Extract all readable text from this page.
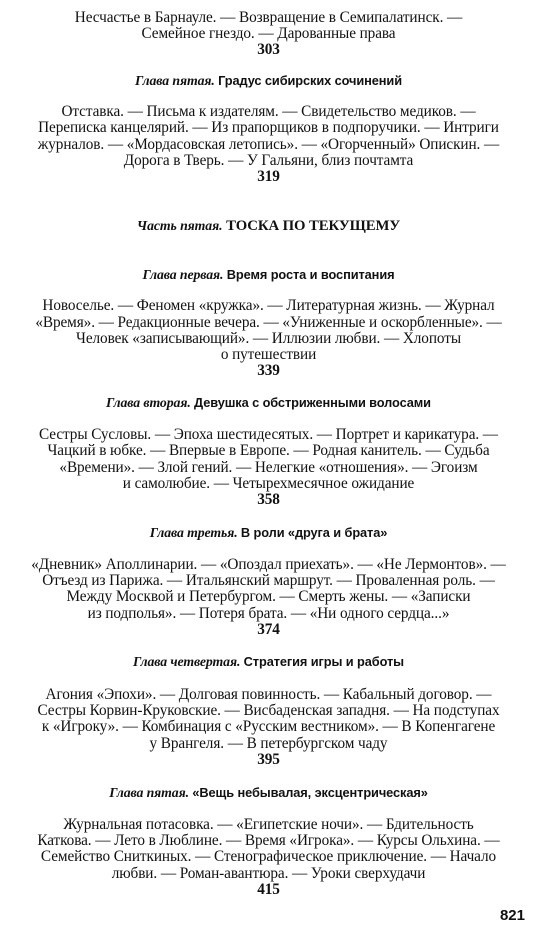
Несчастье в Барнауле. — Возвращение в Семипалатинск. —
Семейное гнездо. — Дарованные права
303
Глава пятая. Градус сибирских сочинений
Отставка. — Письма к издателям. — Свидетельство медиков. —
Переписка канцелярий. — Из прапорщиков в подпоручики. — Интриги
журналов. — «Мордасовская летопись». — «Огорченный» Опискин. —
Дорога в Тверь. — У Гальяни, близ почтамта
319
Часть пятая. ТОСКА ПО ТЕКУЩЕМУ
Глава первая. Время роста и воспитания
Новоселье. — Феномен «кружка». — Литературная жизнь. — Журнал
«Время». — Редакционные вечера. — «Униженные и оскорбленные». —
Человек «записывающий». — Иллюзии любви. — Хлопоты
о путешествии
339
Глава вторая. Девушка с обстриженными волосами
Сестры Сусловы. — Эпоха шестидесятых. — Портрет и карикатура. —
Чацкий в юбке. — Впервые в Европе. — Родная канитель. — Судьба
«Времени». — Злой гений. — Нелегкие «отношения». — Эгоизм
и самолюбие. — Четырехмесячное ожидание
358
Глава третья. В роли «друга и брата»
«Дневник» Аполлинарии. — «Опоздал приехать». — «Не Лермонтов». —
Отъезд из Парижа. — Итальянский маршрут. — Проваленная роль. —
Между Москвой и Петербургом. — Смерть жены. — «Записки
из подполья». — Потеря брата. — «Ни одного сердца...»
374
Глава четвертая. Стратегия игры и работы
Агония «Эпохи». — Долговая повинность. — Кабальный договор. —
Сестры Корвин-Круковские. — Висбаденская западня. — На подступах
к «Игроку». — Комбинация с «Русским вестником». — В Копенгагене
у Врангеля. — В петербургском чаду
395
Глава пятая. «Вещь небывалая, эксцентрическая»
Журнальная потасовка. — «Египетские ночи». — Бдительность
Каткова. — Лето в Люблине. — Время «Игрока». — Курсы Ольхина. —
Семейство Сниткиных. — Стенографическое приключение. — Начало
любви. — Роман-авантюра. — Уроки сверхудачи
415
821
